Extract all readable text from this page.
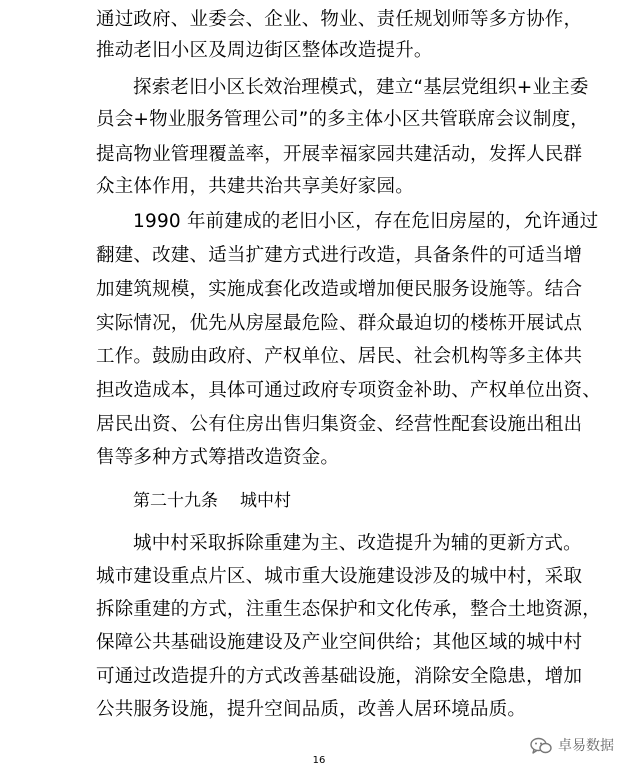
通过政府、业委会、企业、物业、责任规划师等多方协作，
推动老旧小区及周边街区整体改造提升。
探索老旧小区长效治理模式，建立“基层党组织+业主委
员会+物业服务管理公司”的多主体小区共管联席会议制度，
提高物业管理覆盖率，开展幸福家园共建活动，发挥人民群
众主体作用，共建共治共享美好家园。
1990 年前建成的老旧小区，存在危旧房屋的，允许通过
翻建、改建、适当扩建方式进行改造，具备条件的可适当增
加建筑规模，实施成套化改造或增加便民服务设施等。结合
实际情况，优先从房屋最危险、群众最迫切的楼栋开展试点
工作。鼓励由政府、产权单位、居民、社会机构等多主体共
担改造成本，具体可通过政府专项资金补助、产权单位出资、
居民出资、公有住房出售归集资金、经营性配套设施出租出
售等多种方式筹措改造资金。
第二十九条 城中村
城中村采取拆除重建为主、改造提升为辅的更新方式。
城市建设重点片区、城市重大设施建设涉及的城中村，采取
拆除重建的方式，注重生态保护和文化传承，整合土地资源，
保障公共基础设施建设及产业空间供给；其他区域的城中村
可通过改造提升的方式改善基础设施，消除安全隐患，增加
公共服务设施，提升空间品质，改善人居环境品质。
16
卓易数据
